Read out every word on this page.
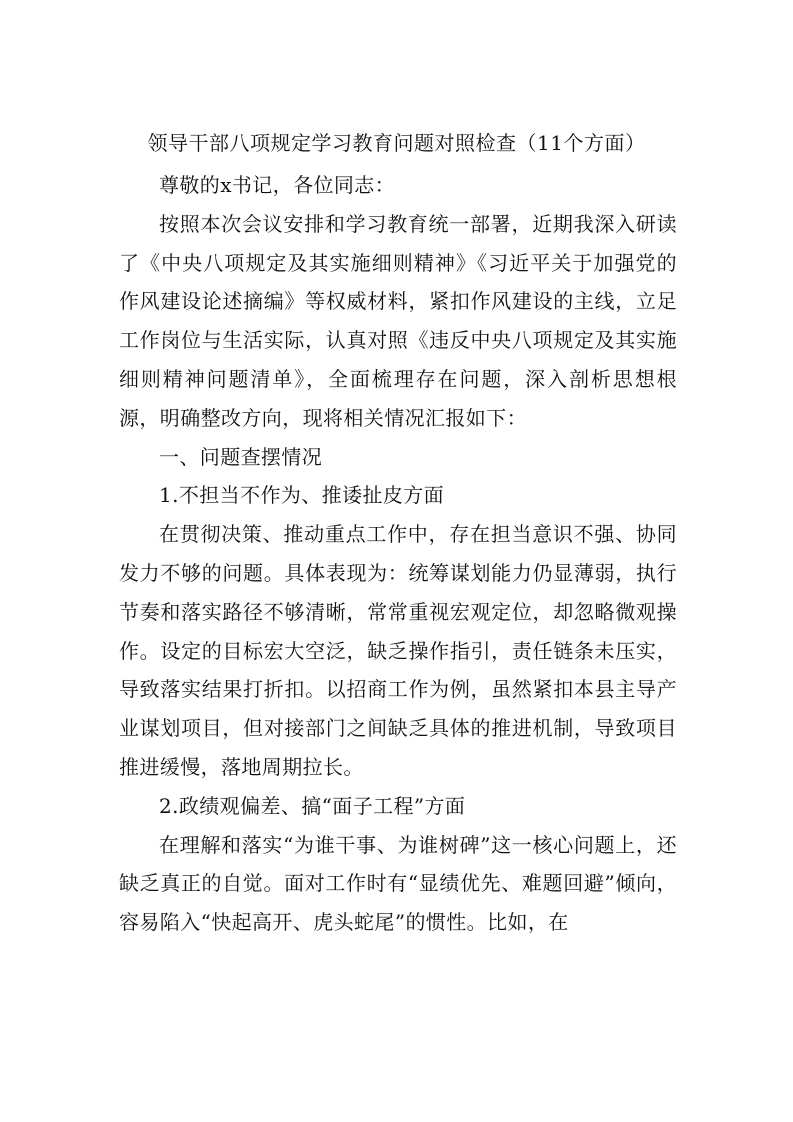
领导干部八项规定学习教育问题对照检查（11个方面）

尊敬的x书记，各位同志：

按照本次会议安排和学习教育统一部署，近期我深入研读了《中央八项规定及其实施细则精神》《习近平关于加强党的作风建设论述摘编》等权威材料，紧扣作风建设的主线，立足工作岗位与生活实际，认真对照《违反中央八项规定及其实施细则精神问题清单》，全面梳理存在问题，深入剖析思想根源，明确整改方向，现将相关情况汇报如下：

一、问题查摆情况

1.不担当不作为、推诿扯皮方面

在贯彻决策、推动重点工作中，存在担当意识不强、协同发力不够的问题。具体表现为：统筹谋划能力仍显薄弱，执行节奏和落实路径不够清晰，常常重视宏观定位，却忽略微观操作。设定的目标宏大空泛，缺乏操作指引，责任链条未压实，导致落实结果打折扣。以招商工作为例，虽然紧扣本县主导产业谋划项目，但对接部门之间缺乏具体的推进机制，导致项目推进缓慢，落地周期拉长。

2.政绩观偏差、搞“面子工程”方面

在理解和落实“为谁干事、为谁树碑”这一核心问题上，还缺乏真正的自觉。面对工作时有“显绩优先、难题回避”倾向，容易陷入“快起高开、虎头蛇尾”的惯性。比如，在
